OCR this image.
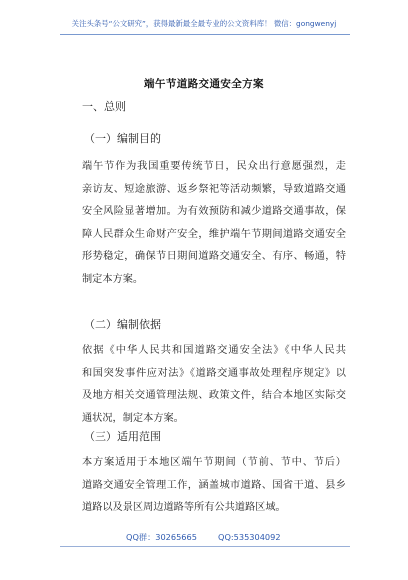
关注头条号“公文研究”，获得最新最全最专业的公文资料库！ 微信：gongwenyj
端午节道路交通安全方案
一、总则
（一）编制目的
端午节作为我国重要传统节日，民众出行意愿强烈，走
亲访友、短途旅游、返乡祭祀等活动频繁，导致道路交通
安全风险显著增加。为有效预防和减少道路交通事故，保
障人民群众生命财产安全，维护端午节期间道路交通安全
形势稳定，确保节日期间道路交通安全、有序、畅通，特
制定本方案。
（二）编制依据
依据《中华人民共和国道路交通安全法》《中华人民共
和国突发事件应对法》《道路交通事故处理程序规定》以
及地方相关交通管理法规、政策文件，结合本地区实际交
通状况，制定本方案。
（三）适用范围
本方案适用于本地区端午节期间（节前、节中、节后）
道路交通安全管理工作，涵盖城市道路、国省干道、县乡
道路以及景区周边道路等所有公共道路区域。
QQ群：30265665	QQ:535304092
